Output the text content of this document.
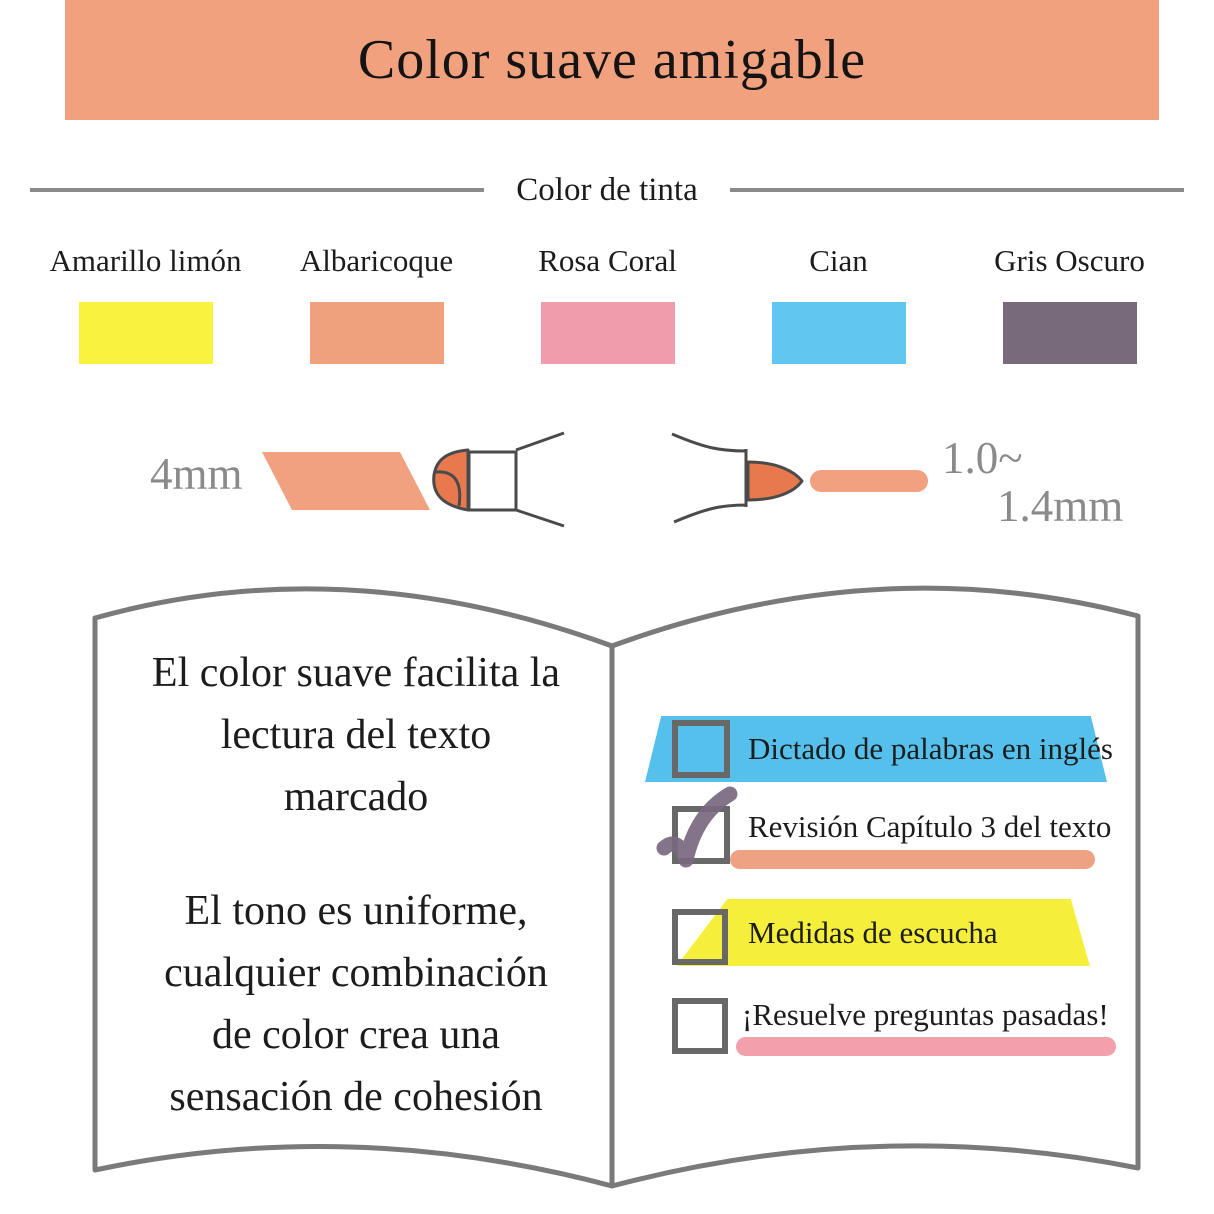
Color suave amigable
Color de tinta
Amarillo limón Albaricoque	Rosa Coral	Cian	Gris Oscuro
4mm	1.0~
1.4mm
El color suave facilita la
lectura del texto
marcado
El tono es uniforme,
cualquier combinación
de color crea una
sensación de cohesión
Dictado de palabras en inglés
Revisión Capítulo 3 del texto
Medidas de escucha
¡Resuelve preguntas pasadas!
